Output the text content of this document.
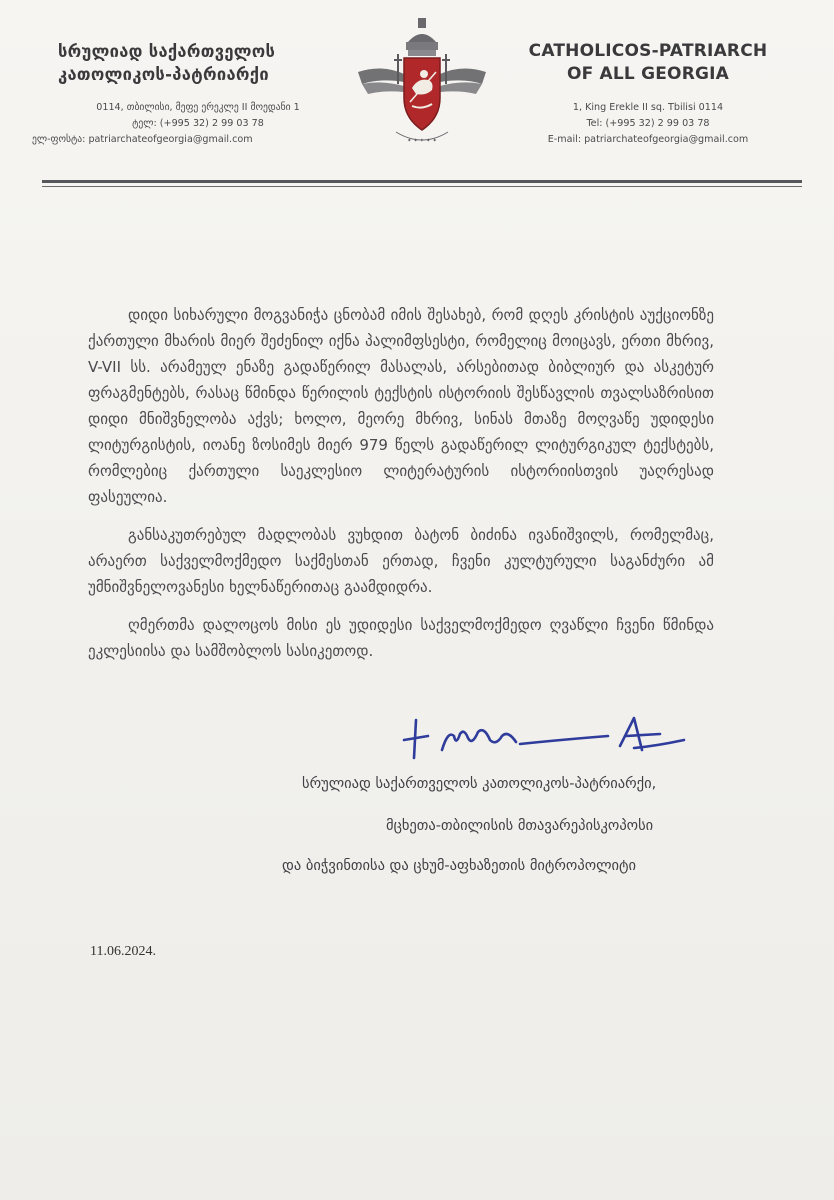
სრულიად საქართველოს
კათოლიკოს-პატრიარქი
0114, თბილისი, მეფე ერეკლე II მოედანი 1
ტელ: (+995 32) 2 99 03 78
ელ-ფოსტა: patriarchateofgeorgia@gmail.com	✦ ✦ ✦ ✦ ✦
CATHOLICOS-PATRIARCH
OF ALL GEORGIA
1, King Erekle II sq. Tbilisi 0114
Tel: (+995 32) 2 99 03 78
E-mail: patriarchateofgeorgia@gmail.com

დიდი სიხარული მოგვანიჭა ცნობამ იმის შესახებ, რომ დღეს კრისტის აუქციონზე ქართული მხარის მიერ შეძენილ იქნა პალიმფსესტი, რომელიც მოიცავს, ერთი მხრივ, V-VII სს. არამეულ ენაზე გადაწერილ მასალას, არსებითად ბიბლიურ და ასკეტურ ფრაგმენტებს, რასაც წმინდა წერილის ტექსტის ისტორიის შესწავლის თვალსაზრისით დიდი მნიშვნელობა აქვს; ხოლო, მეორე მხრივ, სინას მთაზე მოღვაწე უდიდესი ლიტურგისტის, იოანე ზოსიმეს მიერ 979 წელს გადაწერილ ლიტურგიკულ ტექსტებს, რომლებიც ქართული საეკლესიო ლიტერატურის ისტორიისთვის უაღრესად ფასეულია.

განსაკუთრებულ მადლობას ვუხდით ბატონ ბიძინა ივანიშვილს, რომელმაც, არაერთ საქველმოქმედო საქმესთან ერთად, ჩვენი კულტურული საგანძური ამ უმნიშვნელოვანესი ხელნაწერითაც გაამდიდრა.

ღმერთმა დალოცოს მისი ეს უდიდესი საქველმოქმედო ღვაწლი ჩვენი წმინდა ეკლესიისა და სამშობლოს სასიკეთოდ.

სრულიად საქართველოს კათოლიკოს-პატრიარქი,
მცხეთა-თბილისის მთავარეპისკოპოსი
და ბიჭვინთისა და ცხუმ-აფხაზეთის მიტროპოლიტი
11.06.2024.
